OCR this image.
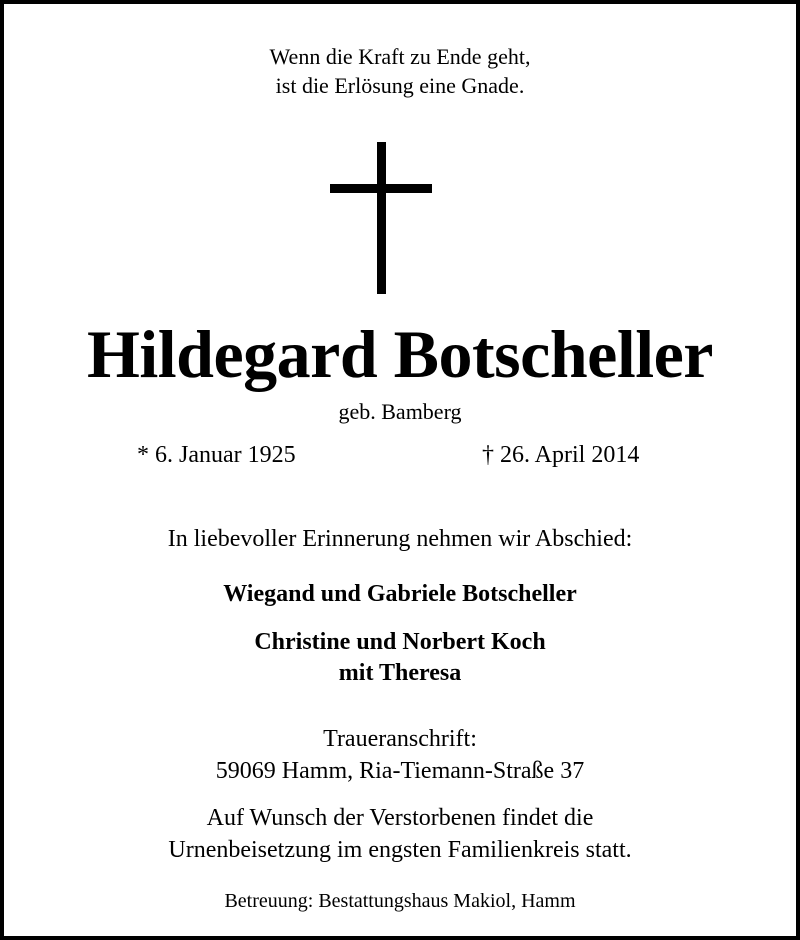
Wenn die Kraft zu Ende geht,
ist die Erlösung eine Gnade.
Hildegard Botscheller
geb. Bamberg
* 6. Januar 1925	† 26. April 2014
In liebevoller Erinnerung nehmen wir Abschied:
Wiegand und Gabriele Botscheller
Christine und Norbert Koch
mit Theresa
Traueranschrift:
59069 Hamm, Ria-Tiemann-Straße 37
Auf Wunsch der Verstorbenen findet die
Urnenbeisetzung im engsten Familienkreis statt.
Betreuung: Bestattungshaus Makiol, Hamm
